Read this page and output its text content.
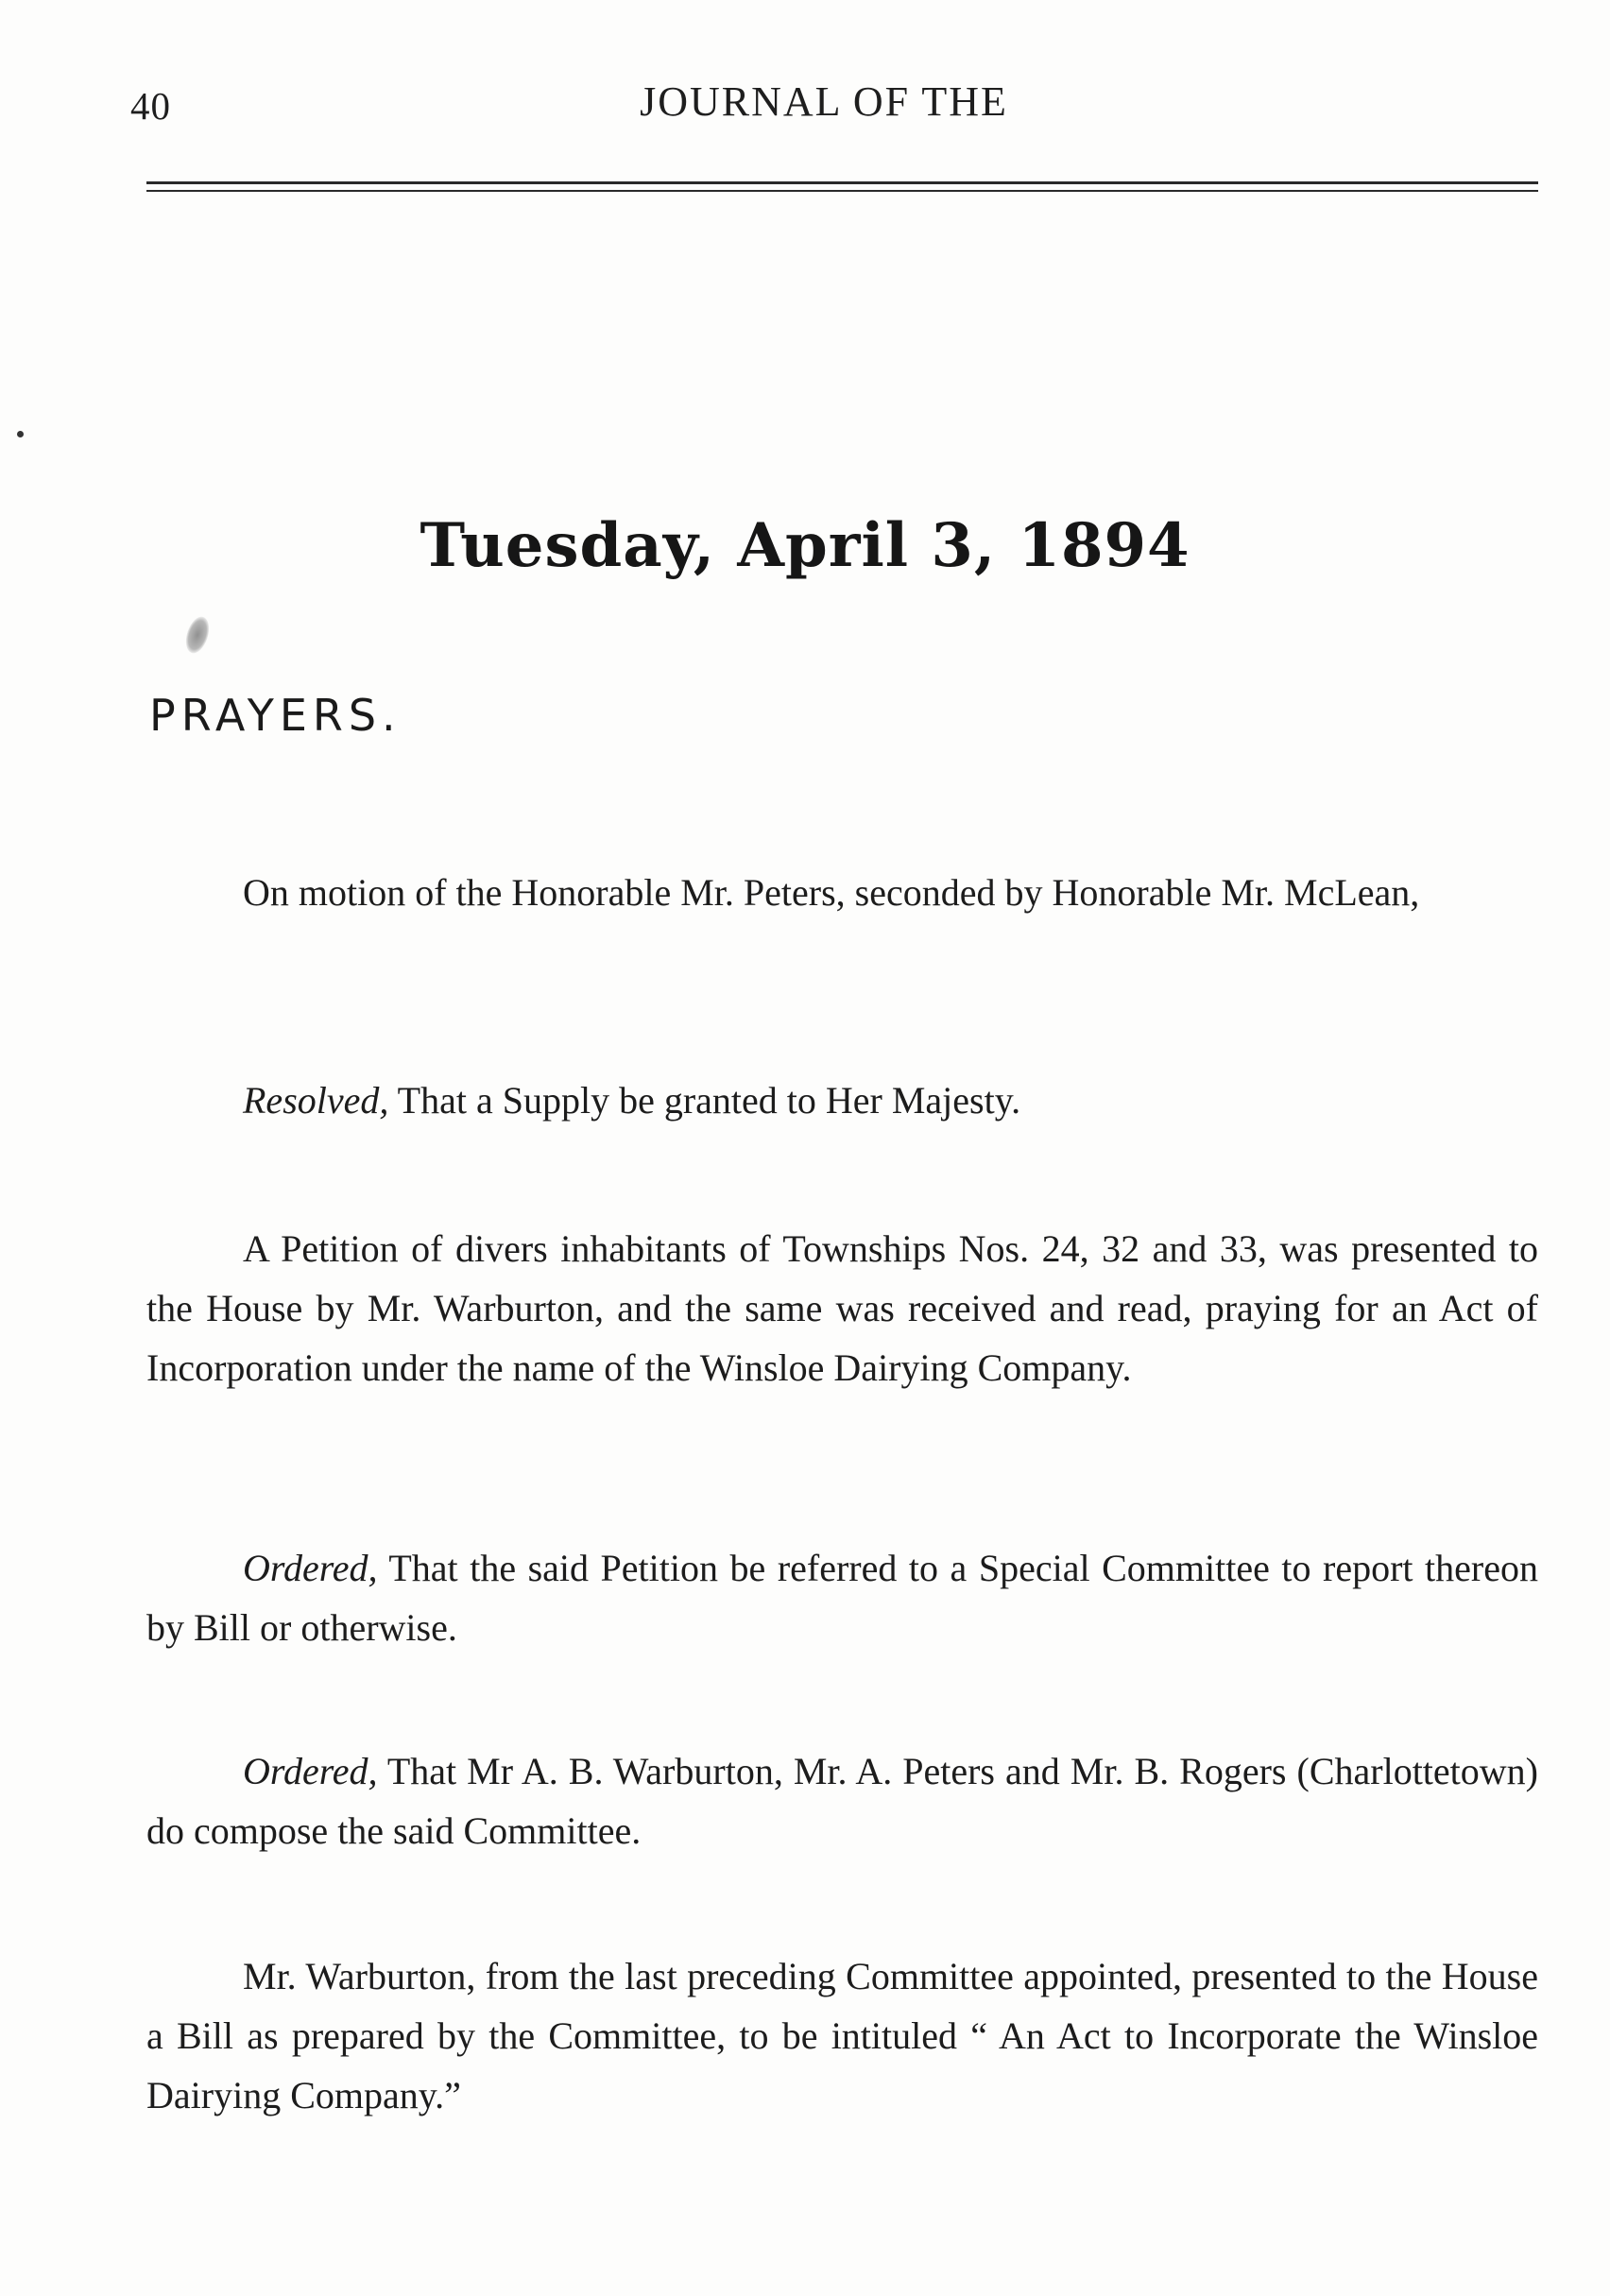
40	JOURNAL OF THE
Tuesday, April 3, 1894
PRAYERS.

On motion of the Honorable Mr. Peters, seconded by Honorable Mr. McLean,

Resolved, That a Supply be granted to Her Majesty.

A Petition of divers inhabitants of Townships Nos. 24, 32 and 33, was presented to the House by Mr. Warburton, and the same was received and read, praying for an Act of Incorporation under the name of the Winsloe Dairying Company.

Ordered, That the said Petition be referred to a Special Committee to report thereon by Bill or otherwise.

Ordered, That Mr A. B. Warburton, Mr. A. Peters and Mr. B. Rogers (Charlottetown) do compose the said Committee.

Mr. Warburton, from the last preceding Committee appointed, presented to the House a Bill as prepared by the Committee, to be intituled “ An Act to Incorporate the Winsloe Dairying Company.”
